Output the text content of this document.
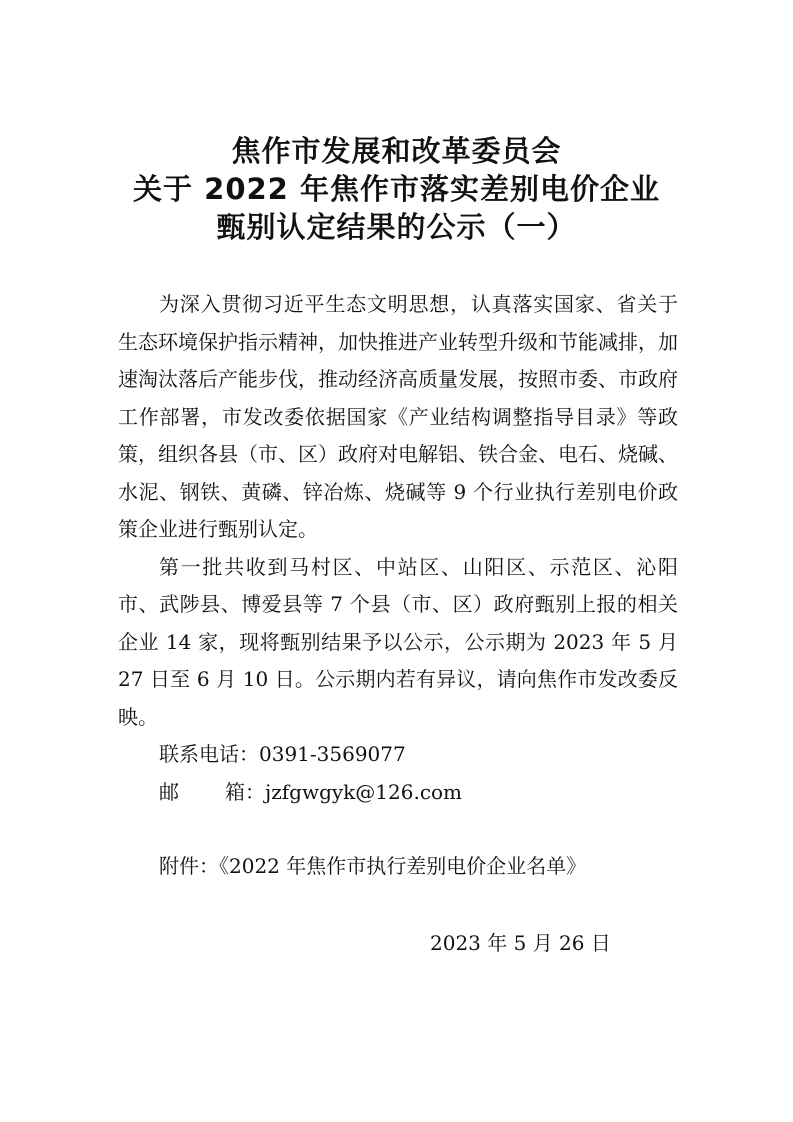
焦作市发展和改革委员会
关于 2022 年焦作市落实差别电价企业
甄别认定结果的公示（一）

为深入贯彻习近平生态文明思想，认真落实国家、省关于生态环境保护指示精神，加快推进产业转型升级和节能减排，加速淘汰落后产能步伐，推动经济高质量发展，按照市委、市政府工作部署，市发改委依据国家《产业结构调整指导目录》等政策，组织各县（市、区）政府对电解铝、铁合金、电石、烧碱、水泥、钢铁、黄磷、锌冶炼、烧碱等 9 个行业执行差别电价政策企业进行甄别认定。

第一批共收到马村区、中站区、山阳区、示范区、沁阳市、武陟县、博爱县等 7 个县（市、区）政府甄别上报的相关企业 14 家，现将甄别结果予以公示，公示期为 2023 年 5 月 27 日至 6 月 10 日。公示期内若有异议，请向焦作市发改委反映。

联系电话：0391-3569077

邮箱：jzfgwgyk@126.com

附件：《2022 年焦作市执行差别电价企业名单》

2023 年 5 月 26 日
